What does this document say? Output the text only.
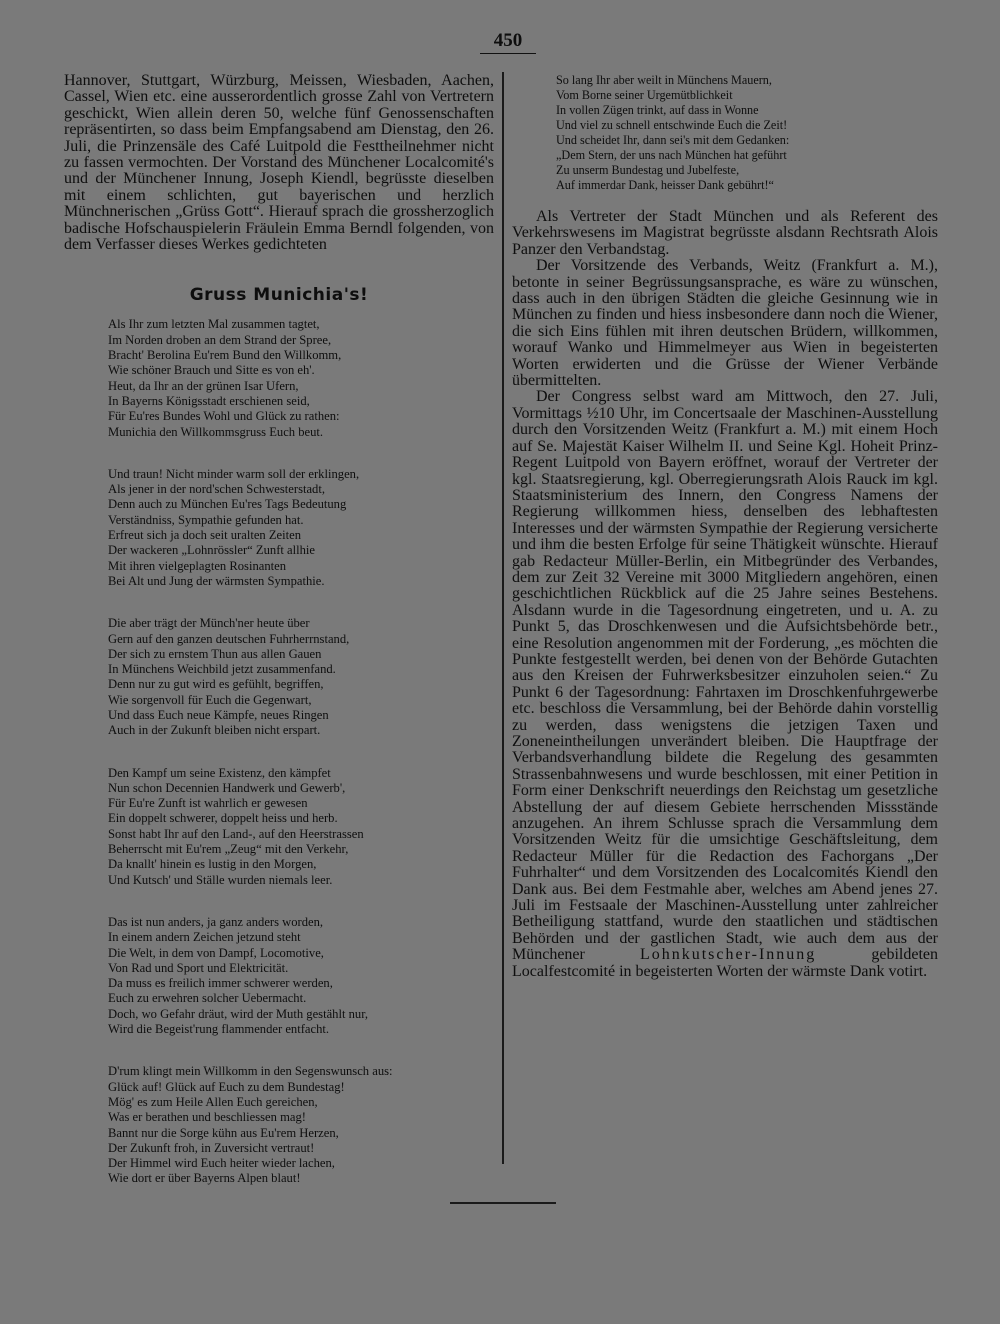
450

Hannover, Stuttgart, Würzburg, Meissen, Wiesbaden, Aachen, Cassel, Wien etc. eine ausserordentlich grosse Zahl von Vertretern geschickt, Wien allein deren 50, welche fünf Genossenschaften repräsentirten, so dass beim Empfangsabend am Dienstag, den 26. Juli, die Prinzensäle des Café Luitpold die Festtheilnehmer nicht zu fassen vermochten. Der Vorstand des Münchener Localcomité's und der Münchener Innung, Joseph Kiendl, begrüsste dieselben mit einem schlichten, gut bayerischen und herzlich Münchnerischen „Grüss Gott“. Hierauf sprach die grossherzoglich badische Hofschauspielerin Fräulein Emma Berndl folgenden, von dem Verfasser dieses Werkes gedichteten

Gruss Munichia's!
Als Ihr zum letzten Mal zusammen tagtet,
Im Norden droben an dem Strand der Spree,
Bracht' Berolina Eu'rem Bund den Willkomm,
Wie schöner Brauch und Sitte es von eh'.
Heut, da Ihr an der grünen Isar Ufern,
In Bayerns Königsstadt erschienen seid,
Für Eu'res Bundes Wohl und Glück zu rathen:
Munichia den Willkommsgruss Euch beut.
Und traun! Nicht minder warm soll der erklingen,
Als jener in der nord'schen Schwesterstadt,
Denn auch zu München Eu'res Tags Bedeutung
Verständniss, Sympathie gefunden hat.
Erfreut sich ja doch seit uralten Zeiten
Der wackeren „Lohnrössler“ Zunft allhie
Mit ihren vielgeplagten Rosinanten
Bei Alt und Jung der wärmsten Sympathie.
Die aber trägt der Münch'ner heute über
Gern auf den ganzen deutschen Fuhrherrnstand,
Der sich zu ernstem Thun aus allen Gauen
In Münchens Weichbild jetzt zusammenfand.
Denn nur zu gut wird es gefühlt, begriffen,
Wie sorgenvoll für Euch die Gegenwart,
Und dass Euch neue Kämpfe, neues Ringen
Auch in der Zukunft bleiben nicht erspart.
Den Kampf um seine Existenz, den kämpfet
Nun schon Decennien Handwerk und Gewerb',
Für Eu're Zunft ist wahrlich er gewesen
Ein doppelt schwerer, doppelt heiss und herb.
Sonst habt Ihr auf den Land-, auf den Heerstrassen
Beherrscht mit Eu'rem „Zeug“ mit den Verkehr,
Da knallt' hinein es lustig in den Morgen,
Und Kutsch' und Ställe wurden niemals leer.
Das ist nun anders, ja ganz anders worden,
In einem andern Zeichen jetzund steht
Die Welt, in dem von Dampf, Locomotive,
Von Rad und Sport und Elektricität.
Da muss es freilich immer schwerer werden,
Euch zu erwehren solcher Uebermacht.
Doch, wo Gefahr dräut, wird der Muth gestählt nur,
Wird die Begeist'rung flammender entfacht.
D'rum klingt mein Willkomm in den Segenswunsch aus:
Glück auf! Glück auf Euch zu dem Bundestag!
Mög' es zum Heile Allen Euch gereichen,
Was er berathen und beschliessen mag!
Bannt nur die Sorge kühn aus Eu'rem Herzen,
Der Zukunft froh, in Zuversicht vertraut!
Der Himmel wird Euch heiter wieder lachen,
Wie dort er über Bayerns Alpen blaut!
So lang Ihr aber weilt in Münchens Mauern,
Vom Borne seiner Urgemütblichkeit
In vollen Zügen trinkt, auf dass in Wonne
Und viel zu schnell entschwinde Euch die Zeit!
Und scheidet Ihr, dann sei's mit dem Gedanken:
„Dem Stern, der uns nach München hat geführt
Zu unserm Bundestag und Jubelfeste,
Auf immerdar Dank, heisser Dank gebührt!“

Als Vertreter der Stadt München und als Referent des Verkehrswesens im Magistrat begrüsste alsdann Rechtsrath Alois Panzer den Verbandstag.

Der Vorsitzende des Verbands, Weitz (Frankfurt a. M.), betonte in seiner Begrüssungsansprache, es wäre zu wünschen, dass auch in den übrigen Städten die gleiche Gesinnung wie in München zu finden und hiess insbesondere dann noch die Wiener, die sich Eins fühlen mit ihren deutschen Brüdern, willkommen, worauf Wanko und Himmelmeyer aus Wien in begeisterten Worten erwiderten und die Grüsse der Wiener Verbände übermittelten.

Der Congress selbst ward am Mittwoch, den 27. Juli, Vormittags ½10 Uhr, im Concertsaale der Maschinen-Ausstellung durch den Vorsitzenden Weitz (Frankfurt a. M.) mit einem Hoch auf Se. Majestät Kaiser Wilhelm II. und Seine Kgl. Hoheit Prinz-Regent Luitpold von Bayern eröffnet, worauf der Vertreter der kgl. Staatsregierung, kgl. Oberregierungsrath Alois Rauck im kgl. Staatsministerium des Innern, den Congress Namens der Regierung willkommen hiess, denselben des lebhaftesten Interesses und der wärmsten Sympathie der Regierung versicherte und ihm die besten Erfolge für seine Thätigkeit wünschte. Hierauf gab Redacteur Müller-Berlin, ein Mitbegründer des Verbandes, dem zur Zeit 32 Vereine mit 3000 Mitgliedern angehören, einen geschichtlichen Rückblick auf die 25 Jahre seines Bestehens. Alsdann wurde in die Tagesordnung eingetreten, und u. A. zu Punkt 5, das Droschkenwesen und die Aufsichtsbehörde betr., eine Resolution angenommen mit der Forderung, „es möchten die Punkte festgestellt werden, bei denen von der Behörde Gutachten aus den Kreisen der Fuhrwerksbesitzer einzuholen seien.“ Zu Punkt 6 der Tagesordnung: Fahrtaxen im Droschkenfuhrgewerbe etc. beschloss die Versammlung, bei der Behörde dahin vorstellig zu werden, dass wenigstens die jetzigen Taxen und Zoneneintheilungen unverändert bleiben. Die Hauptfrage der Verbandsverhandlung bildete die Regelung des gesammten Strassenbahnwesens und wurde beschlossen, mit einer Petition in Form einer Denkschrift neuerdings den Reichstag um gesetzliche Abstellung der auf diesem Gebiete herrschenden Missstände anzugehen. An ihrem Schlusse sprach die Versammlung dem Vorsitzenden Weitz für die umsichtige Geschäftsleitung, dem Redacteur Müller für die Redaction des Fachorgans „Der Fuhrhalter“ und dem Vorsitzenden des Localcomités Kiendl den Dank aus. Bei dem Festmahle aber, welches am Abend jenes 27. Juli im Festsaale der Maschinen-Ausstellung unter zahlreicher Betheiligung stattfand, wurde den staatlichen und städtischen Behörden und der gastlichen Stadt, wie auch dem aus der Münchener	Lohnkutscher-Innung	gebildeten Localfestcomité in begeisterten Worten der wärmste Dank votirt.
